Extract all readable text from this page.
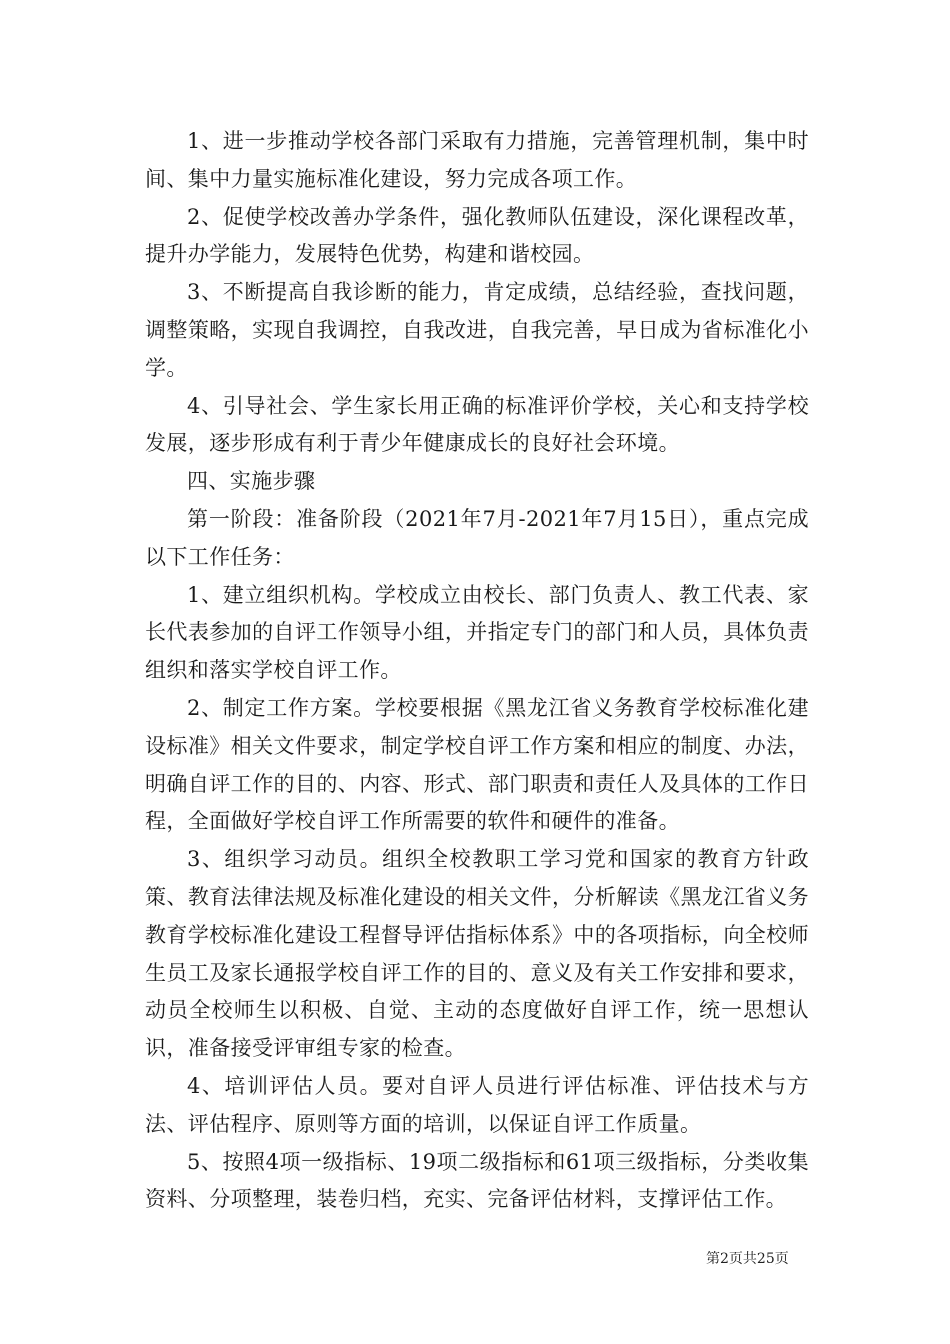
1、进一步推动学校各部门采取有力措施，完善管理机制，集中时间、集中力量实施标准化建设，努力完成各项工作。

2、促使学校改善办学条件，强化教师队伍建设，深化课程改革，提升办学能力，发展特色优势，构建和谐校园。

3、不断提高自我诊断的能力，肯定成绩，总结经验，查找问题，调整策略，实现自我调控，自我改进，自我完善，早日成为省标准化小学。

4、引导社会、学生家长用正确的标准评价学校，关心和支持学校发展，逐步形成有利于青少年健康成长的良好社会环境。

四、实施步骤

第一阶段：准备阶段（2021年7月-2021年7月15日），重点完成以下工作任务：

1、建立组织机构。学校成立由校长、部门负责人、教工代表、家长代表参加的自评工作领导小组，并指定专门的部门和人员，具体负责组织和落实学校自评工作。

2、制定工作方案。学校要根据《黑龙江省义务教育学校标准化建设标准》相关文件要求，制定学校自评工作方案和相应的制度、办法，明确自评工作的目的、内容、形式、部门职责和责任人及具体的工作日程，全面做好学校自评工作所需要的软件和硬件的准备。

3、组织学习动员。组织全校教职工学习党和国家的教育方针政策、教育法律法规及标准化建设的相关文件，分析解读《黑龙江省义务教育学校标准化建设工程督导评估指标体系》中的各项指标，向全校师生员工及家长通报学校自评工作的目的、意义及有关工作安排和要求，动员全校师生以积极、自觉、主动的态度做好自评工作，统一思想认识，准备接受评审组专家的检查。

4、培训评估人员。要对自评人员进行评估标准、评估技术与方法、评估程序、原则等方面的培训，以保证自评工作质量。

5、按照4项一级指标、19项二级指标和61项三级指标，分类收集资料、分项整理，装卷归档，充实、完备评估材料，支撑评估工作。

第2页共25页
